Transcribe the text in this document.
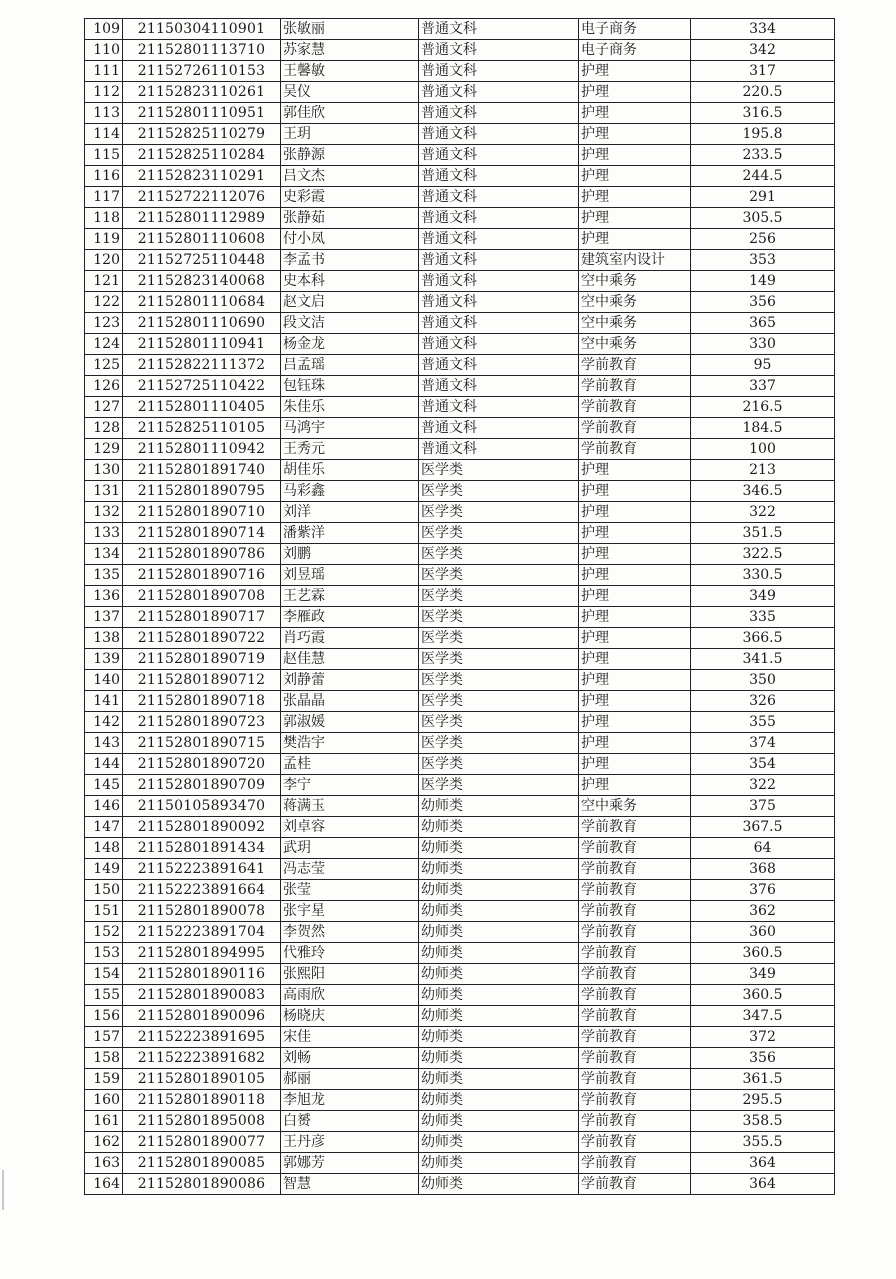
109	21150304110901	张敏丽	普通文科	电子商务	334
110	21152801113710	苏家慧	普通文科	电子商务	342
111	21152726110153	王馨敏	普通文科	护理	317
112	21152823110261	吴仪	普通文科	护理	220.5
113	21152801110951	郭佳欣	普通文科	护理	316.5
114	21152825110279	王玥	普通文科	护理	195.8
115	21152825110284	张静源	普通文科	护理	233.5
116	21152823110291	吕文杰	普通文科	护理	244.5
117	21152722112076	史彩霞	普通文科	护理	291
118	21152801112989	张静茹	普通文科	护理	305.5
119	21152801110608	付小凤	普通文科	护理	256
120	21152725110448	李孟书	普通文科	建筑室内设计	353
121	21152823140068	史本科	普通文科	空中乘务	149
122	21152801110684	赵文启	普通文科	空中乘务	356
123	21152801110690	段文洁	普通文科	空中乘务	365
124	21152801110941	杨金龙	普通文科	空中乘务	330
125	21152822111372	吕孟瑶	普通文科	学前教育	95
126	21152725110422	包钰珠	普通文科	学前教育	337
127	21152801110405	朱佳乐	普通文科	学前教育	216.5
128	21152825110105	马鸿宇	普通文科	学前教育	184.5
129	21152801110942	王秀元	普通文科	学前教育	100
130	21152801891740	胡佳乐	医学类	护理	213
131	21152801890795	马彩鑫	医学类	护理	346.5
132	21152801890710	刘洋	医学类	护理	322
133	21152801890714	潘紫洋	医学类	护理	351.5
134	21152801890786	刘鹏	医学类	护理	322.5
135	21152801890716	刘昱瑶	医学类	护理	330.5
136	21152801890708	王艺霖	医学类	护理	349
137	21152801890717	李雁政	医学类	护理	335
138	21152801890722	肖巧霞	医学类	护理	366.5
139	21152801890719	赵佳慧	医学类	护理	341.5
140	21152801890712	刘静蕾	医学类	护理	350
141	21152801890718	张晶晶	医学类	护理	326
142	21152801890723	郭淑媛	医学类	护理	355
143	21152801890715	樊浩宇	医学类	护理	374
144	21152801890720	孟桂	医学类	护理	354
145	21152801890709	李宁	医学类	护理	322
146	21150105893470	蒋满玉	幼师类	空中乘务	375
147	21152801890092	刘卓容	幼师类	学前教育	367.5
148	21152801891434	武玥	幼师类	学前教育	64
149	21152223891641	冯志莹	幼师类	学前教育	368
150	21152223891664	张莹	幼师类	学前教育	376
151	21152801890078	张宇星	幼师类	学前教育	362
152	21152223891704	李贺然	幼师类	学前教育	360
153	21152801894995	代雅玲	幼师类	学前教育	360.5
154	21152801890116	张熙阳	幼师类	学前教育	349
155	21152801890083	高雨欣	幼师类	学前教育	360.5
156	21152801890096	杨晓庆	幼师类	学前教育	347.5
157	21152223891695	宋佳	幼师类	学前教育	372
158	21152223891682	刘畅	幼师类	学前教育	356
159	21152801890105	郝丽	幼师类	学前教育	361.5
160	21152801890118	李旭龙	幼师类	学前教育	295.5
161	21152801895008	白赟	幼师类	学前教育	358.5
162	21152801890077	王丹彦	幼师类	学前教育	355.5
163	21152801890085	郭娜芳	幼师类	学前教育	364
164	21152801890086	智慧	幼师类	学前教育	364
